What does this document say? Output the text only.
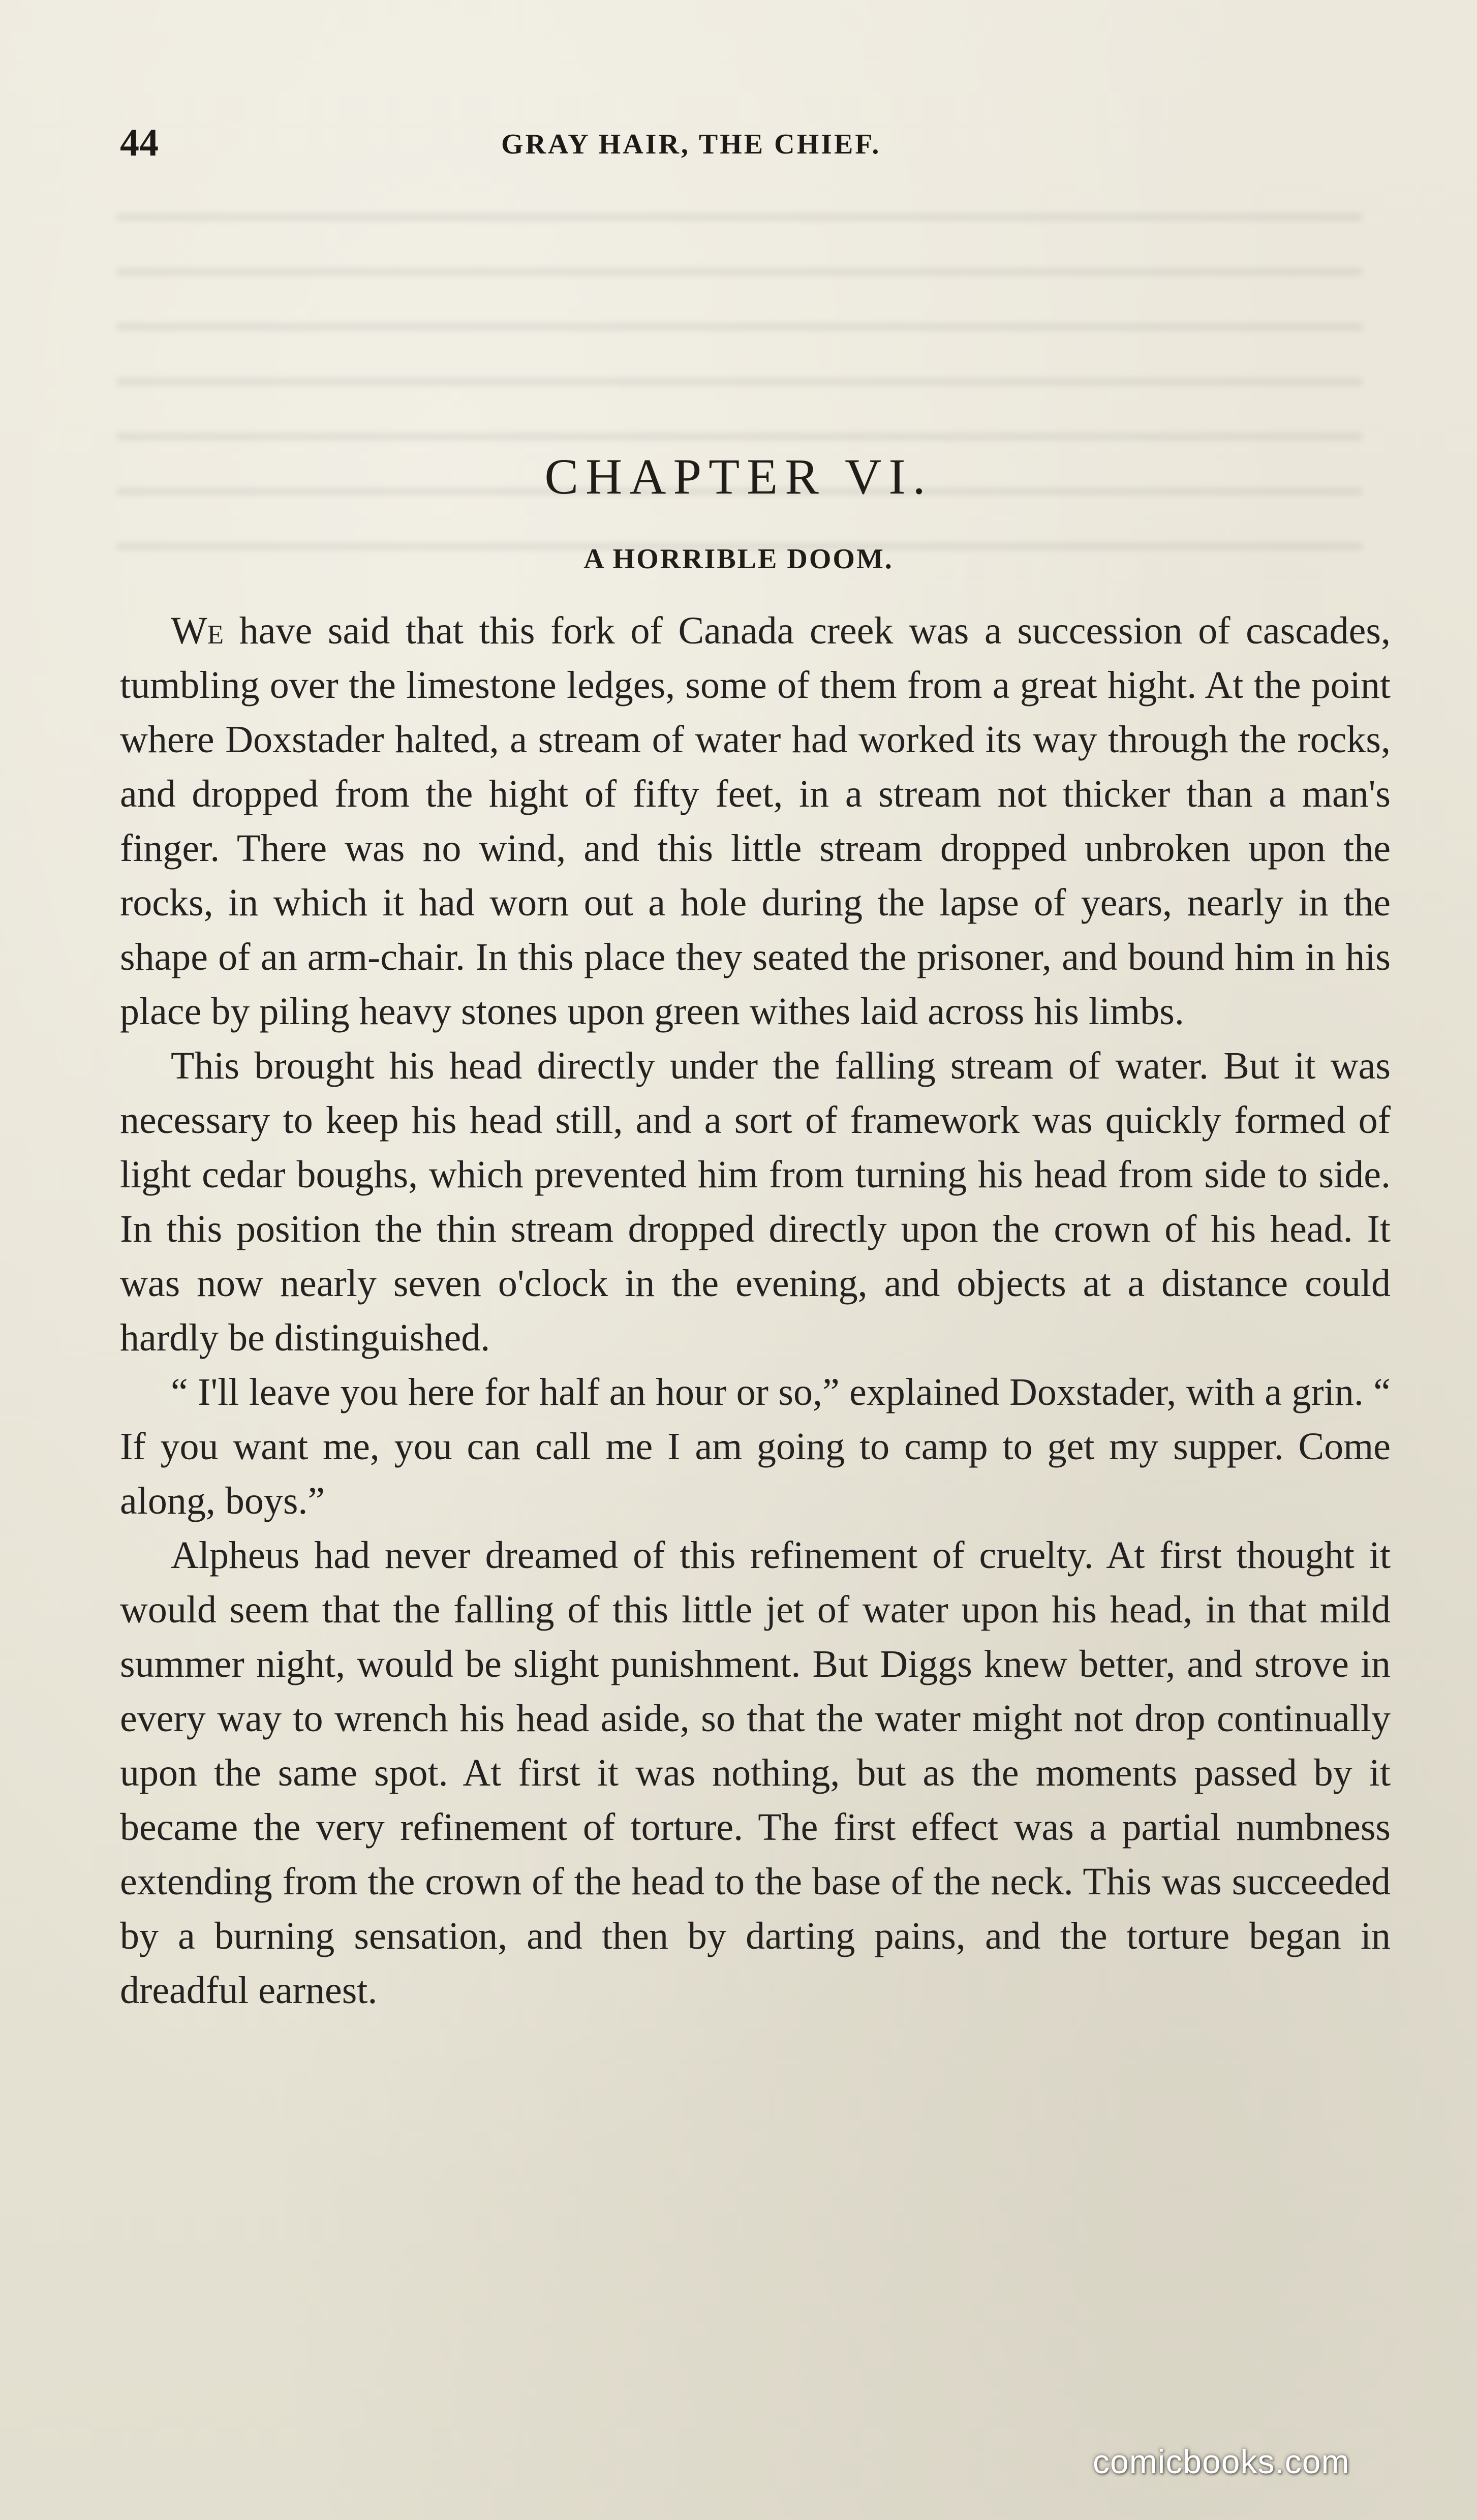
44	GRAY HAIR, THE CHIEF.
CHAPTER VI.
A HORRIBLE DOOM.

We have said that this fork of Canada creek was a succession of cascades, tumbling over the limestone ledges, some of them from a great hight. At the point where Doxstader halted, a stream of water had worked its way through the rocks, and dropped from the hight of fifty feet, in a stream not thicker than a man's finger. There was no wind, and this little stream dropped unbroken upon the rocks, in which it had worn out a hole during the lapse of years, nearly in the shape of an arm-chair. In this place they seated the prisoner, and bound him in his place by piling heavy stones upon green withes laid across his limbs.

This brought his head directly under the falling stream of water. But it was necessary to keep his head still, and a sort of framework was quickly formed of light cedar boughs, which prevented him from turning his head from side to side. In this position the thin stream dropped directly upon the crown of his head. It was now nearly seven o'clock in the evening, and objects at a distance could hardly be distinguished.

“ I'll leave you here for half an hour or so,” explained Doxstader, with a grin. “ If you want me, you can call me I am going to camp to get my supper. Come along, boys.”

Alpheus had never dreamed of this refinement of cruelty. At first thought it would seem that the falling of this little jet of water upon his head, in that mild summer night, would be slight punishment. But Diggs knew better, and strove in every way to wrench his head aside, so that the water might not drop continually upon the same spot. At first it was nothing, but as the moments passed by it became the very refinement of torture. The first effect was a partial numbness extending from the crown of the head to the base of the neck. This was succeeded by a burning sensation, and then by darting pains, and the torture began in dreadful earnest.

comicbooks.com
